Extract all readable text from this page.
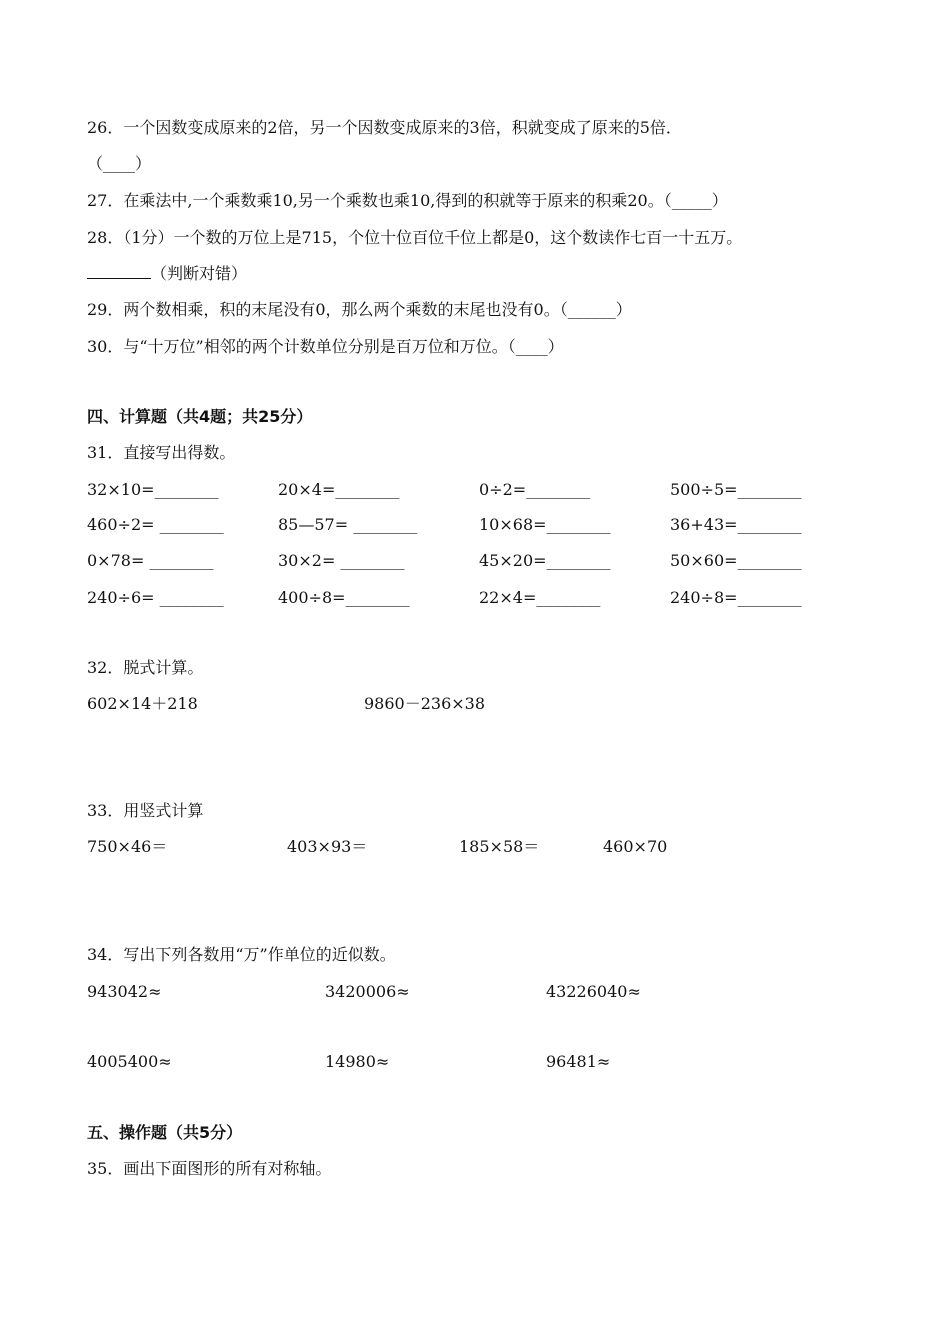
26．一个因数变成原来的2倍，另一个因数变成原来的3倍，积就变成了原来的5倍．
（____）
27．在乘法中,一个乘数乘10,另一个乘数也乘10,得到的积就等于原来的积乘20。（_____）
28．（1分）一个数的万位上是715，个位十位百位千位上都是0，这个数读作七百一十五万。
（判断对错）
29．两个数相乘，积的末尾没有0，那么两个乘数的末尾也没有0。（______）
30．与“十万位”相邻的两个计数单位分别是百万位和万位。（____）
四、计算题（共4题；共25分）
31．直接写出得数。
32×10=________	20×4=________	0÷2=________	500÷5=________
460÷2= ________	85—57= ________	10×68=________	36+43=________
0×78= ________	30×2= ________	45×20=________	50×60=________
240÷6= ________	400÷8=________	22×4=________	240÷8=________
32．脱式计算。
602×14＋218	9860－236×38
33．用竖式计算
750×46＝	403×93＝	185×58＝	460×70
34．写出下列各数用“万”作单位的近似数。
943042≈	3420006≈	43226040≈
4005400≈	14980≈	96481≈
五、操作题（共5分）
35．画出下面图形的所有对称轴。
